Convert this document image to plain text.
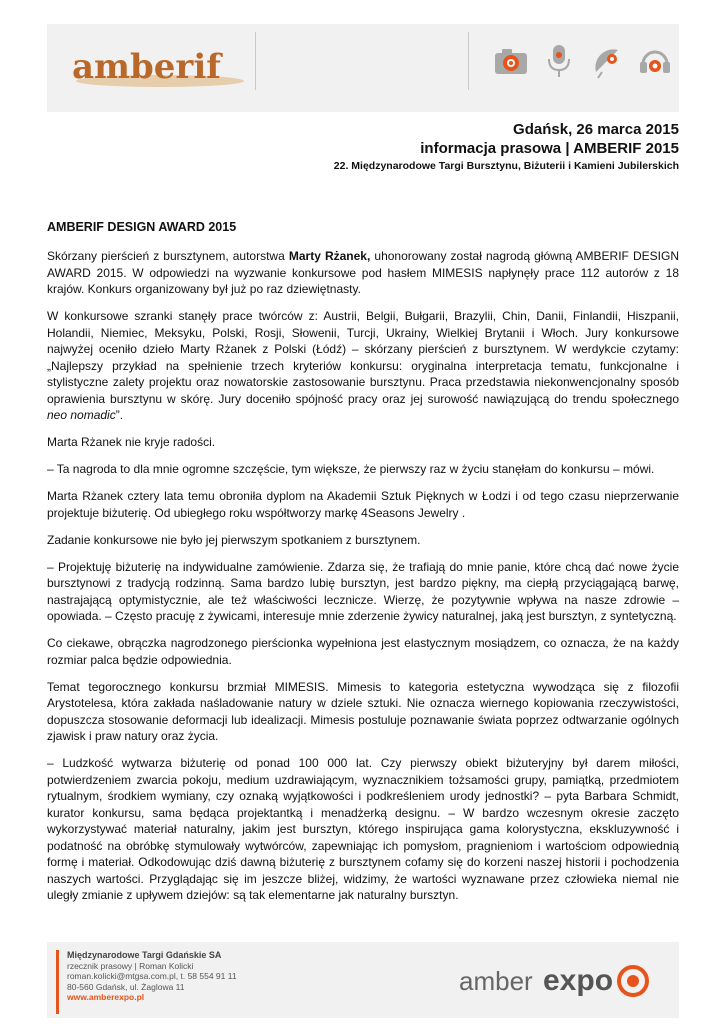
amberif
Gdańsk, 26 marca 2015
informacja prasowa | AMBERIF 2015
22. Międzynarodowe Targi Bursztynu, Biżuterii i Kamieni Jubilerskich
AMBERIF DESIGN AWARD 2015

Skórzany pierścień z bursztynem, autorstwa Marty Rżanek, uhonorowany został nagrodą główną AMBERIF DESIGN AWARD 2015. W odpowiedzi na wyzwanie konkursowe pod hasłem MIMESIS napłynęły prace 112 autorów z 18 krajów. Konkurs organizowany był już po raz dziewiętnasty.

W konkursowe szranki stanęły prace twórców z: Austrii, Belgii, Bułgarii, Brazylii, Chin, Danii, Finlandii, Hiszpanii, Holandii, Niemiec, Meksyku, Polski, Rosji, Słowenii, Turcji, Ukrainy, Wielkiej Brytanii i Włoch. Jury konkursowe najwyżej oceniło dzieło Marty Rżanek z Polski (Łódź) – skórzany pierścień z bursztynem. W werdykcie czytamy: „Najlepszy przykład na spełnienie trzech kryteriów konkursu: oryginalna interpretacja tematu, funkcjonalne i stylistyczne zalety projektu oraz nowatorskie zastosowanie bursztynu. Praca przedstawia niekonwencjonalny sposób oprawienia bursztynu w skórę. Jury doceniło spójność pracy oraz jej surowość nawiązującą do trendu społecznego neo nomadic”.

Marta Rżanek nie kryje radości.

– Ta nagroda to dla mnie ogromne szczęście, tym większe, że pierwszy raz w życiu stanęłam do konkursu – mówi.

Marta Rżanek cztery lata temu obroniła dyplom na Akademii Sztuk Pięknych w Łodzi i od tego czasu nieprzerwanie projektuje biżuterię. Od ubiegłego roku współtworzy markę 4Seasons Jewelry .

Zadanie konkursowe nie było jej pierwszym spotkaniem z bursztynem.

– Projektuję biżuterię na indywidualne zamówienie. Zdarza się, że trafiają do mnie panie, które chcą dać nowe życie bursztynowi z tradycją rodzinną. Sama bardzo lubię bursztyn, jest bardzo piękny, ma ciepłą przyciągającą barwę, nastrajającą optymistycznie, ale też właściwości lecznicze. Wierzę, że pozytywnie wpływa na nasze zdrowie – opowiada. – Często pracuję z żywicami, interesuje mnie zderzenie żywicy naturalnej, jaką jest bursztyn, z syntetyczną.

Co ciekawe, obrączka nagrodzonego pierścionka wypełniona jest elastycznym mosiądzem, co oznacza, że na każdy rozmiar palca będzie odpowiednia.

Temat tegorocznego konkursu brzmiał MIMESIS. Mimesis to kategoria estetyczna wywodząca się z filozofii Arystotelesa, która zakłada naśladowanie natury w dziele sztuki. Nie oznacza wiernego kopiowania rzeczywistości, dopuszcza stosowanie deformacji lub idealizacji. Mimesis postuluje poznawanie świata poprzez odtwarzanie ogólnych zjawisk i praw natury oraz życia.

– Ludzkość wytwarza biżuterię od ponad 100 000 lat. Czy pierwszy obiekt biżuteryjny był darem miłości, potwierdzeniem zwarcia pokoju, medium uzdrawiającym, wyznacznikiem tożsamości grupy, pamiątką, przedmiotem rytualnym, środkiem wymiany, czy oznaką wyjątkowości i podkreśleniem urody jednostki? – pyta Barbara Schmidt, kurator konkursu, sama będąca projektantką i menadżerką designu. – W bardzo wczesnym okresie zaczęto wykorzystywać materiał naturalny, jakim jest bursztyn, którego inspirująca gama kolorystyczna, ekskluzywność i podatność na obróbkę stymulowały wytwórców, zapewniając ich pomysłom, pragnieniom i wartościom odpowiednią formę i materiał. Odkodowując dziś dawną biżuterię z bursztynem cofamy się do korzeni naszej historii i pochodzenia naszych wartości. Przyglądając się im jeszcze bliżej, widzimy, że wartości wyznawane przez człowieka niemal nie uległy zmianie z upływem dziejów: są tak elementarne jak naturalny bursztyn.

Międzynarodowe Targi Gdańskie SA
rzecznik prasowy | Roman Kolicki
roman.kolicki@mtgsa.com.pl, t. 58 554 91 11
80-560 Gdańsk, ul. Żaglowa 11
www.amberexpo.pl
amber expo
